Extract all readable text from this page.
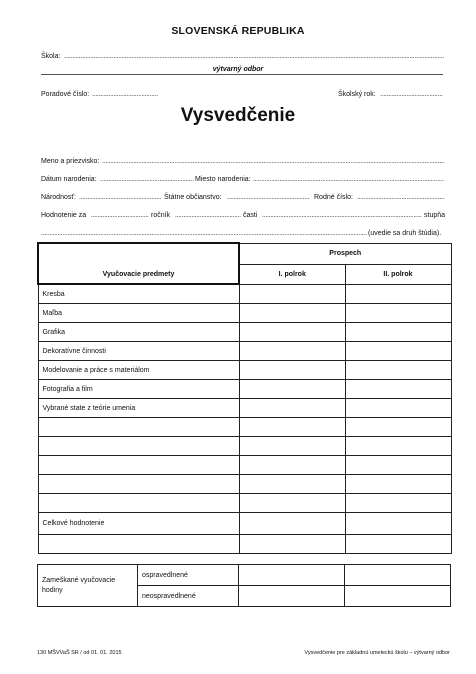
SLOVENSKÁ REPUBLIKA
Škola:
.....
výtvarný odbor
Poradové číslo: .....	Školský rok:
.....
Vysvedčenie
Meno a priezvisko:
.....
Dátum narodenia: .....	Miesto narodenia:
.....
Národnosť: .....	Štátne občianstvo: .....	Rodné číslo:
.....
Hodnotenie za .....	ročník .....	časti .....	stupňa
.....
(uvedie sa druh štúdia).
Vyučovacie predmety	Prospech	
	I. polrok	II. polrok
Kresba		
Maľba		
Grafika		
Dekoratívne činnosti		
Modelovanie a práce s materiálom		
Fotografia a film		
Vybrané state z teórie umenia		

Celkové hodnotenie		

Zameškané vyučovacie hodiny	ospravedlnené		
	neospravedlnené		
130 MŠVVaŠ SR / od 01. 01. 2015	Vysvedčenie pre základnú umeleckú školu – výtvarný odbor
